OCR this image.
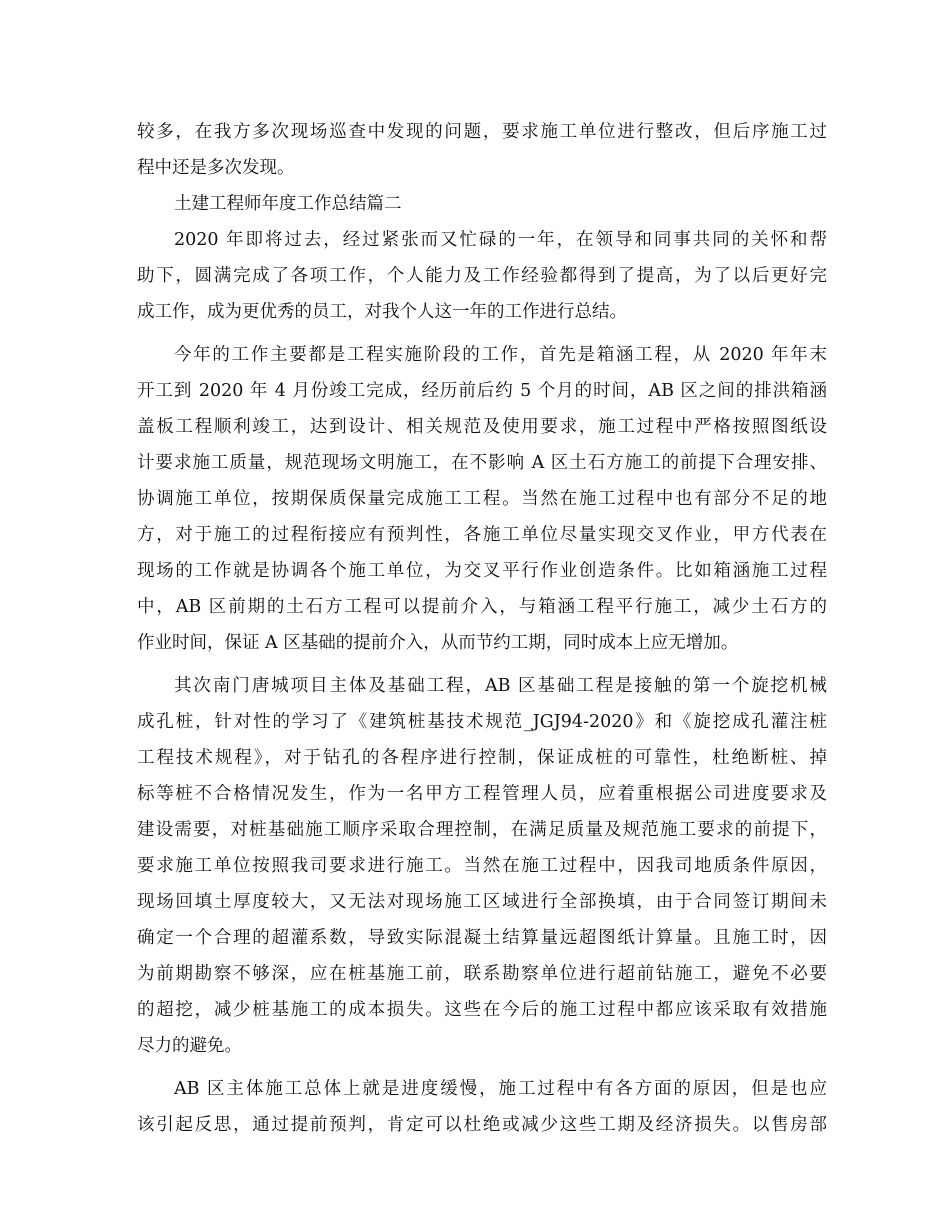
较多，在我方多次现场巡查中发现的问题，要求施工单位进行整改，但后序施工过
程中还是多次发现。
土建工程师年度工作总结篇二
2020 年即将过去，经过紧张而又忙碌的一年，在领导和同事共同的关怀和帮
助下，圆满完成了各项工作，个人能力及工作经验都得到了提高，为了以后更好完
成工作，成为更优秀的员工，对我个人这一年的工作进行总结。
今年的工作主要都是工程实施阶段的工作，首先是箱涵工程，从 2020 年年末
开工到 2020 年 4 月份竣工完成，经历前后约 5 个月的时间，AB 区之间的排洪箱涵
盖板工程顺利竣工，达到设计、相关规范及使用要求，施工过程中严格按照图纸设
计要求施工质量，规范现场文明施工，在不影响 A 区土石方施工的前提下合理安排、
协调施工单位，按期保质保量完成施工工程。当然在施工过程中也有部分不足的地
方，对于施工的过程衔接应有预判性，各施工单位尽量实现交叉作业，甲方代表在
现场的工作就是协调各个施工单位，为交叉平行作业创造条件。比如箱涵施工过程
中，AB 区前期的土石方工程可以提前介入，与箱涵工程平行施工，减少土石方的
作业时间，保证 A 区基础的提前介入，从而节约工期，同时成本上应无增加。
其次南门唐城项目主体及基础工程，AB 区基础工程是接触的第一个旋挖机械
成孔桩，针对性的学习了《建筑桩基技术规范_JGJ94-2020》和《旋挖成孔灌注桩
工程技术规程》，对于钻孔的各程序进行控制，保证成桩的可靠性，杜绝断桩、掉
标等桩不合格情况发生，作为一名甲方工程管理人员，应着重根据公司进度要求及
建设需要，对桩基础施工顺序采取合理控制，在满足质量及规范施工要求的前提下，
要求施工单位按照我司要求进行施工。当然在施工过程中，因我司地质条件原因，
现场回填土厚度较大，又无法对现场施工区域进行全部换填，由于合同签订期间未
确定一个合理的超灌系数，导致实际混凝土结算量远超图纸计算量。且施工时，因
为前期勘察不够深，应在桩基施工前，联系勘察单位进行超前钻施工，避免不必要
的超挖，减少桩基施工的成本损失。这些在今后的施工过程中都应该采取有效措施
尽力的避免。
AB 区主体施工总体上就是进度缓慢，施工过程中有各方面的原因，但是也应
该引起反思，通过提前预判，肯定可以杜绝或减少这些工期及经济损失。以售房部
